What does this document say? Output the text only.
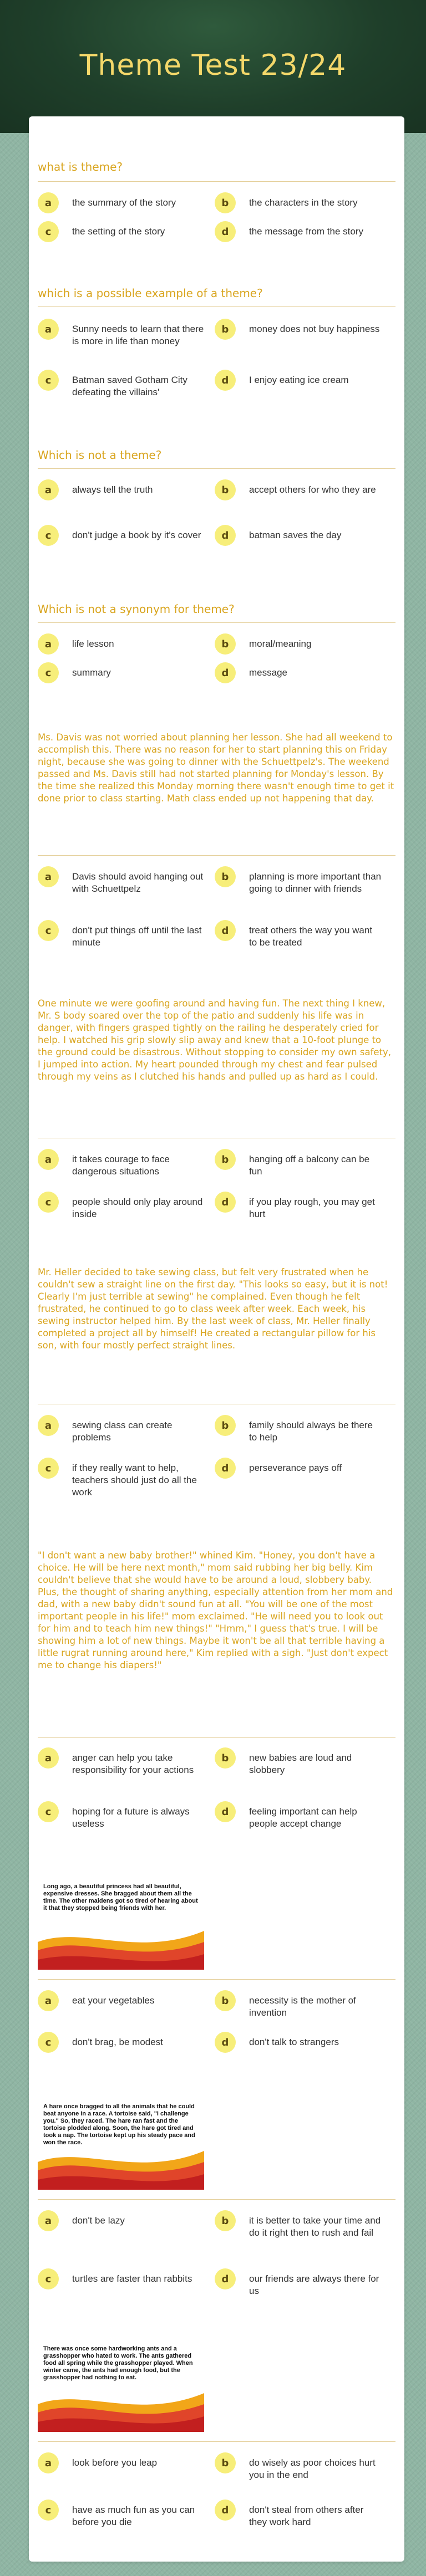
Theme Test 23/24
what is theme?
a	the summary of the story	b	the characters in the story
c	the setting of the story	d	the message from the story
which is a possible example of a theme?
a	Sunny needs to learn that there is more in life than money
b	money does not buy happiness
c	Batman saved Gotham City defeating the villains'
d	I enjoy eating ice cream
Which is not a theme?
a	always tell the truth	b	accept others for who they are
c	don't judge a book by it's cover	d	batman saves the day
Which is not a synonym for theme?
a	life lesson	b	moral/meaning
c	summary	d	message
Ms. Davis was not worried about planning her lesson. She had all weekend to accomplish this. There was no reason for her to start planning this on Friday night, because she was going to dinner with the Schuettpelz's. The weekend passed and Ms. Davis still had not started planning for Monday's lesson. By the time she realized this Monday morning there wasn't enough time to get it done prior to class starting. Math class ended up not happening that day.
a	Davis should avoid hanging out with Schuettpelz
b	planning is more important than going to dinner with friends
c	don't put things off until the last minute
d	treat others the way you want to be treated
One minute we were goofing around and having fun. The next thing I knew, Mr. S body soared over the top of the patio and suddenly his life was in danger, with fingers grasped tightly on the railing he desperately cried for help. I watched his grip slowly slip away and knew that a 10-foot plunge to the ground could be disastrous. Without stopping to consider my own safety, I jumped into action. My heart pounded through my chest and fear pulsed through my veins as I clutched his hands and pulled up as hard as I could.
a	it takes courage to face dangerous situations
b	hanging off a balcony can be fun
c	people should only play around inside
d	if you play rough, you may get hurt
Mr. Heller decided to take sewing class, but felt very frustrated when he couldn't sew a straight line on the first day. "This looks so easy, but it is not! Clearly I'm just terrible at sewing" he complained. Even though he felt frustrated, he continued to go to class week after week. Each week, his sewing instructor helped him. By the last week of class, Mr. Heller finally completed a project all by himself! He created a rectangular pillow for his son, with four mostly perfect straight lines.
a	sewing class can create problems
b	family should always be there to help
c	if they really want to help, teachers should just do all the work
d	perseverance pays off
"I don't want a new baby brother!" whined Kim. "Honey, you don't have a choice. He will be here next month," mom said rubbing her big belly. Kim couldn't believe that she would have to be around a loud, slobbery baby. Plus, the thought of sharing anything, especially attention from her mom and dad, with a new baby didn't sound fun at all. "You will be one of the most important people in his life!" mom exclaimed. "He will need you to look out for him and to teach him new things!" "Hmm," I guess that's true. I will be showing him a lot of new things. Maybe it won't be all that terrible having a little rugrat running around here," Kim replied with a sigh. "Just don't expect me to change his diapers!"
a	anger can help you take responsibility for your actions
b	new babies are loud and slobbery
c	hoping for a future is always useless
d	feeling important can help people accept change
Long ago, a beautiful princess had all beautiful, expensive dresses. She bragged about them all the time. The other maidens got so tired of hearing about it that they stopped being friends with her.
a	eat your vegetables	b	necessity is the mother of invention
c	don't brag, be modest	d	don't talk to strangers
A hare once bragged to all the animals that he could beat anyone in a race. A tortoise said, "I challenge you." So, they raced. The hare ran fast and the tortoise plodded along. Soon, the hare got tired and took a nap. The tortoise kept up his steady pace and won the race.
a	don't be lazy	b	it is better to take your time and do it right then to rush and fail
c	turtles are faster than rabbits	d	our friends are always there for us
There was once some hardworking ants and a grasshopper who hated to work. The ants gathered food all spring while the grasshopper played. When winter came, the ants had enough food, but the grasshopper had nothing to eat.
a	look before you leap	b	do wisely as poor choices hurt you in the end
c	have as much fun as you can before you die
d	don't steal from others after they work hard
